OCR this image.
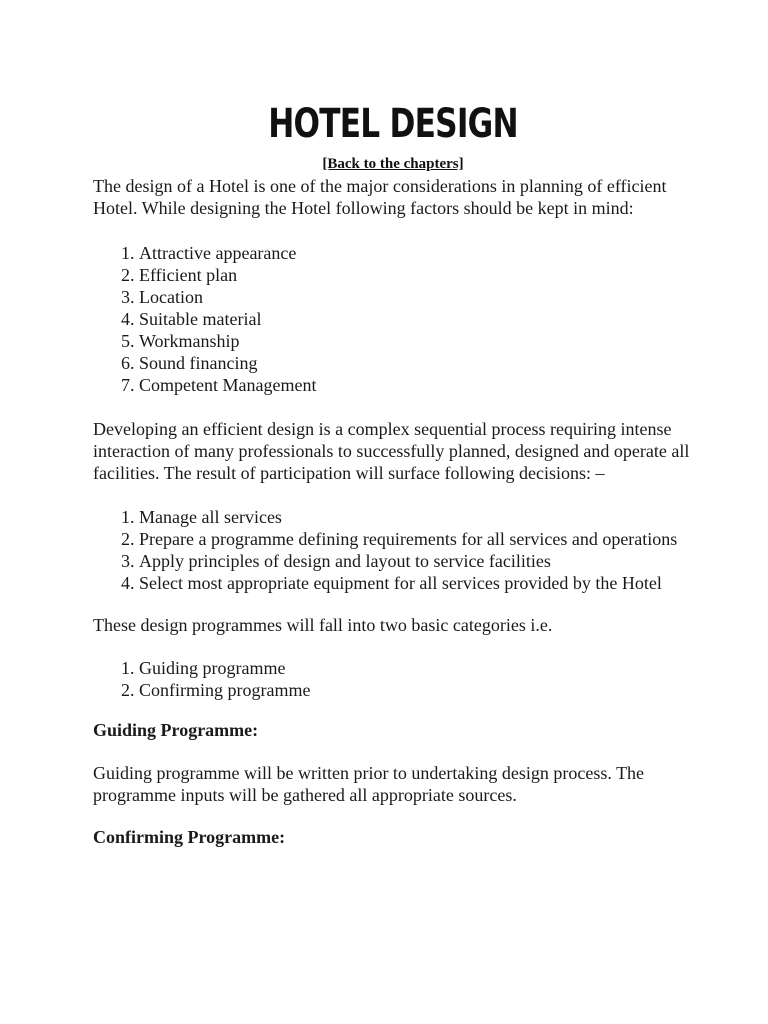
HOTEL DESIGN
[Back to the chapters]

The design of a Hotel is one of the major considerations in planning of efficient Hotel. While designing the Hotel following factors should be kept in mind:

1. Attractive appearance
2. Efficient plan
3. Location
4. Suitable material
5. Workmanship
6. Sound financing
7. Competent Management

Developing an efficient design is a complex sequential process requiring intense interaction of many professionals to successfully planned, designed and operate all facilities. The result of participation will surface following decisions: –

1. Manage all services
2. Prepare a programme defining requirements for all services and operations
3. Apply principles of design and layout to service facilities
4. Select most appropriate equipment for all services provided by the Hotel

These design programmes will fall into two basic categories i.e.

1. Guiding programme
2. Confirming programme
Guiding Programme:

Guiding programme will be written prior to undertaking design process. The programme inputs will be gathered all appropriate sources.

Confirming Programme:
